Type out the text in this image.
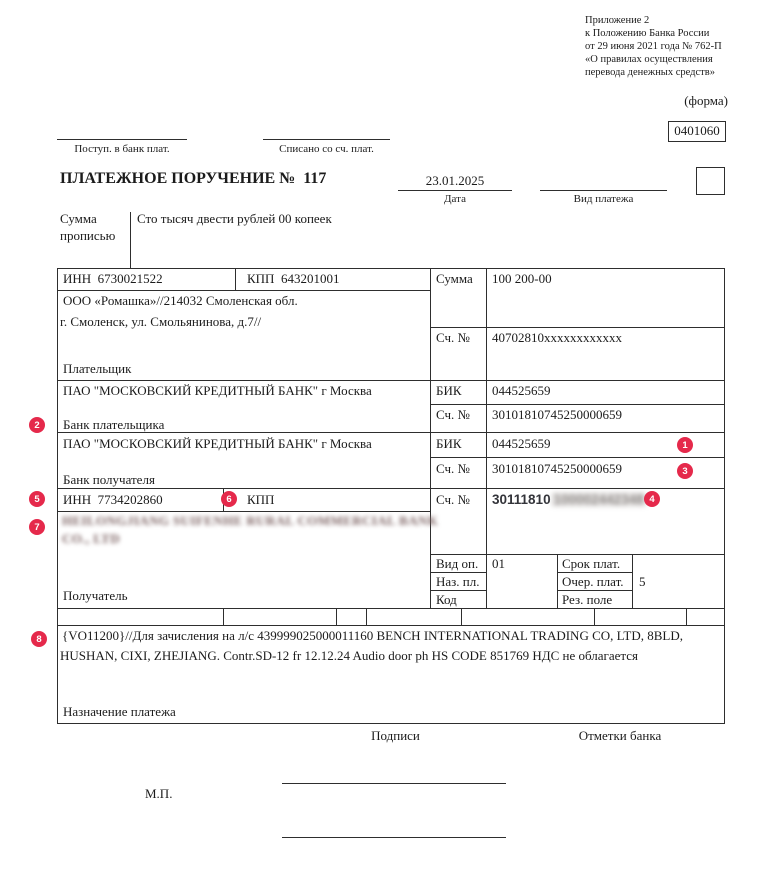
Приложение 2
к Положению Банка России
от 29 июня 2021 года № 762-П
«О правилах осуществления
перевода денежных средств»
(форма)
0401060
Поступ. в банк плат.	Списано со сч. плат.
ПЛАТЕЖНОЕ ПОРУЧЕНИЕ №  117	23.01.2025
Дата	Вид платежа
Сумма
прописью
Сто тысяч двести рублей 00 копеек
ИНН  6730021522	КПП  643201001	Сумма 100 200-00
ООО «Ромашка»//214032 Смоленская обл.
г. Смоленск, ул. Смольянинова, д.7//
Плательщик
Сч. № 40702810xxxxxxxxxxxx
ПАО "МОСКОВСКИЙ КРЕДИТНЫЙ БАНК" г Москва	БИК 044525659
Сч. № 30101810745250000659
Банк плательщика
ПАО "МОСКОВСКИЙ КРЕДИТНЫЙ БАНК" г Москва	БИК 044525659
Сч. № 30101810745250000659
Банк получателя
ИНН  7734202860	КПП	Сч. № 30111810 100002442348
HEILONGJIANG SUIFENHE RURAL COMMERCIAL BANK
CO., LTD
Получатель
Вид оп. 01	Срок плат.
Наз. пл.	Очер. плат. 5
Код	Рез. поле
{VO11200}//Для зачисления на л/с 439999025000011160 BENCH INTERNATIONAL TRADING CO, LTD, 8BLD,
HUSHAN, CIXI, ZHEJIANG. Contr.SD-12 fr 12.12.24 Audio door ph HS CODE 851769 НДС не облагается
Назначение платежа
Подписи	Отметки банка
М.П.
1
2
3
4
5	6
7
8
